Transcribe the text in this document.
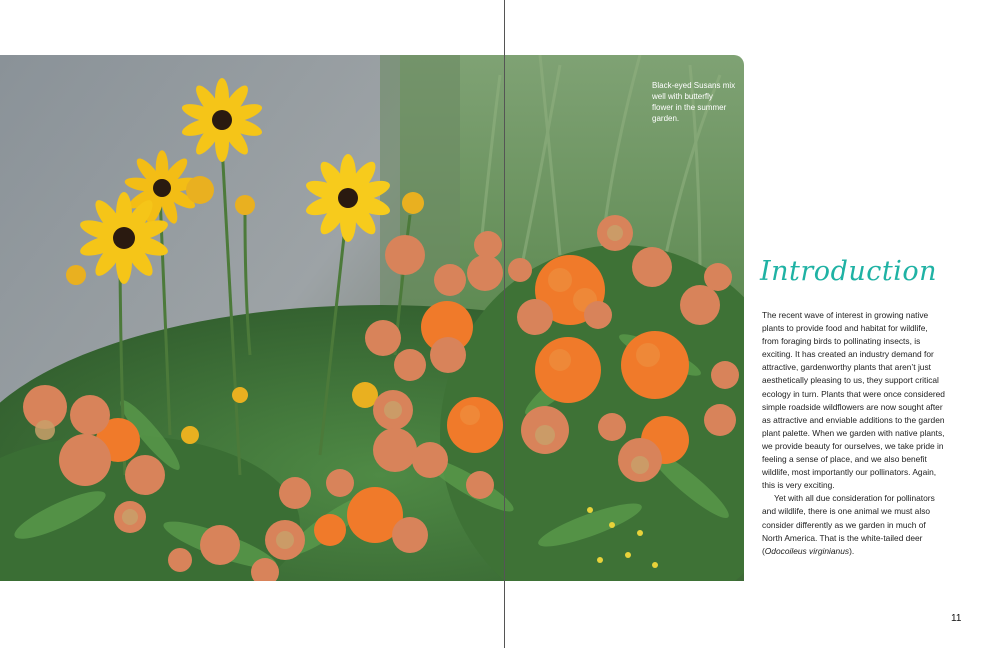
Black-eyed Susans mix well with butterfly flower in the summer garden.
Introduction

The recent wave of interest in growing native plants to provide food and habitat for wildlife, from foraging birds to pollinating insects, is exciting. It has created an industry demand for attractive, gardenworthy plants that aren’t just aesthetically pleasing to us, they support critical ecology in turn. Plants that were once considered simple roadside wildflowers are now sought after as attractive and enviable additions to the garden plant palette. When we garden with native plants, we provide beauty for ourselves, we take pride in feeling a sense of place, and we also benefit wildlife, most importantly our pollinators. Again, this is very exciting.

Yet with all due consideration for pollinators and wildlife, there is one animal we must also consider differently as we garden in much of North America. That is the white-tailed deer (Odocoileus virginianus).

11
